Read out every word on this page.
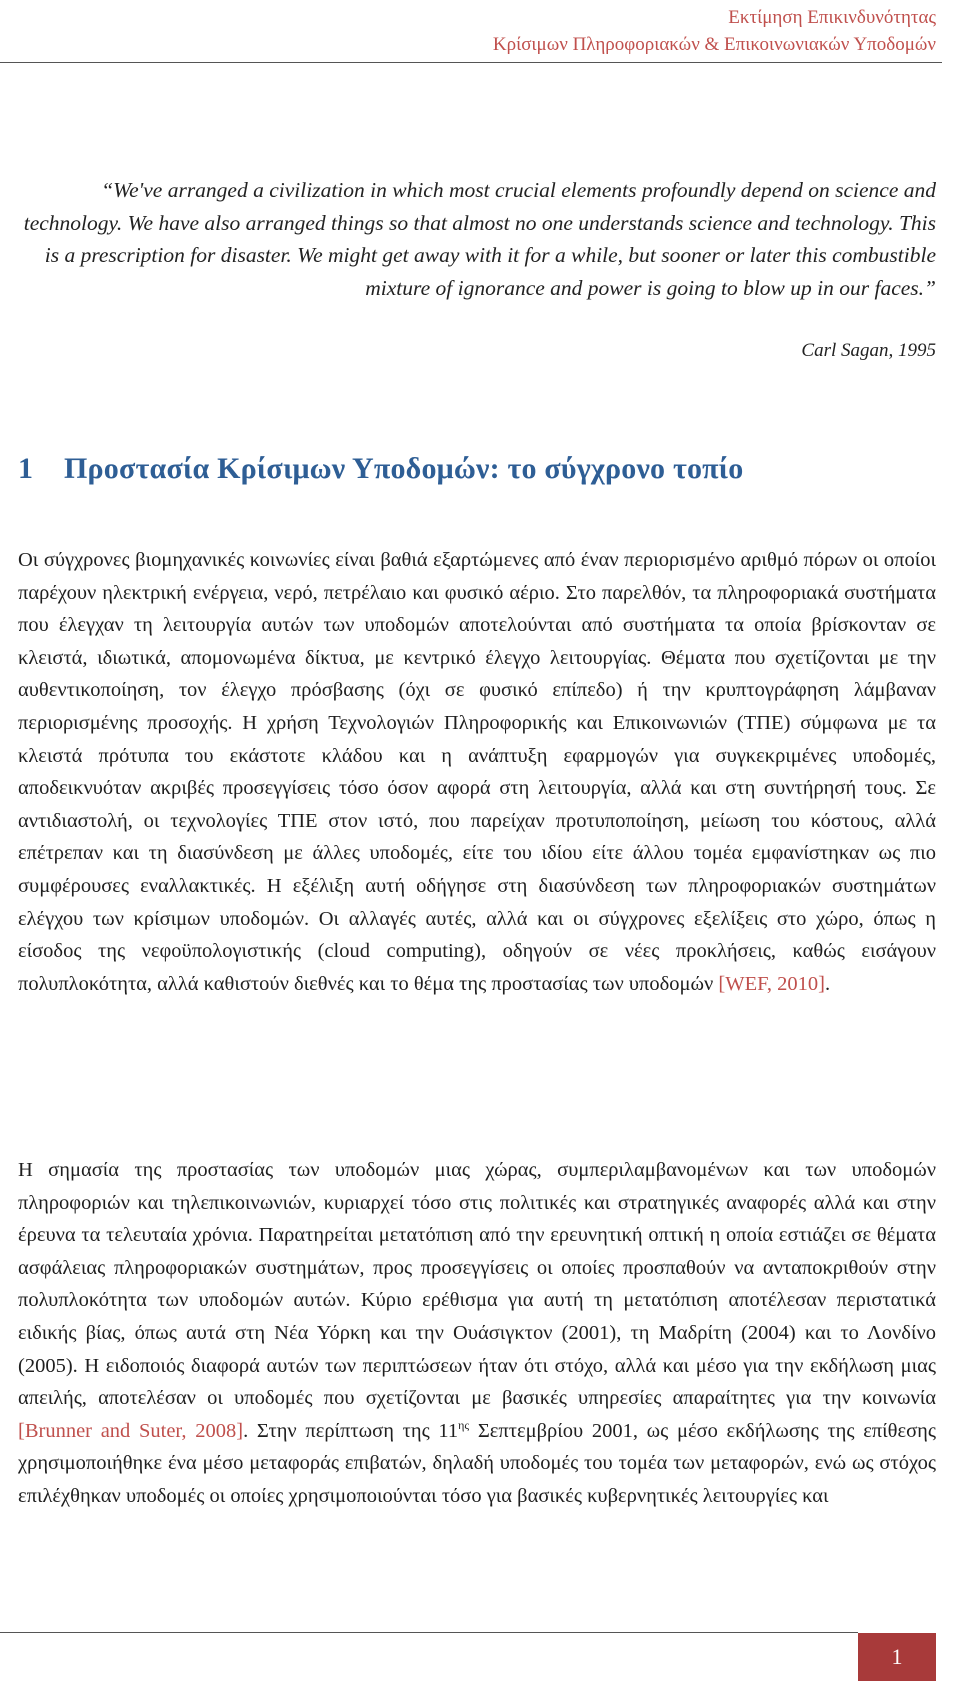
Εκτίμηση Επικινδυνότητας
Κρίσιμων Πληροφοριακών & Επικοινωνιακών Υποδομών
“We've arranged a civilization in which most crucial elements profoundly depend on science and technology. We have also arranged things so that almost no one understands science and technology. This is a prescription for disaster. We might get away with it for a while, but sooner or later this combustible mixture of ignorance and power is going to blow up in our faces.”
Carl Sagan, 1995
1 Προστασία Κρίσιμων Υποδομών: το σύγχρονο τοπίο

Οι σύγχρονες βιομηχανικές κοινωνίες είναι βαθιά εξαρτώμενες από έναν περιορισμένο αριθμό πόρων οι οποίοι παρέχουν ηλεκτρική ενέργεια, νερό, πετρέλαιο και φυσικό αέριο. Στο παρελθόν, τα πληροφοριακά συστήματα που έλεγχαν τη λειτουργία αυτών των υποδομών αποτελούνται από συστήματα τα οποία βρίσκονταν σε κλειστά, ιδιωτικά, απομονωμένα δίκτυα, με κεντρικό έλεγχο λειτουργίας. Θέματα που σχετίζονται με την αυθεντικοποίηση, τον έλεγχο πρόσβασης (όχι σε φυσικό επίπεδο) ή την κρυπτογράφηση λάμβαναν περιορισμένης προσοχής. Η χρήση Τεχνολογιών Πληροφορικής και Επικοινωνιών (ΤΠΕ) σύμφωνα με τα κλειστά πρότυπα του εκάστοτε κλάδου και η ανάπτυξη εφαρμογών για συγκεκριμένες υποδομές, αποδεικνυόταν ακριβές προσεγγίσεις τόσο όσον αφορά στη λειτουργία, αλλά και στη συντήρησή τους. Σε αντιδιαστολή, οι τεχνολογίες ΤΠΕ στον ιστό, που παρείχαν προτυποποίηση, μείωση του κόστους, αλλά επέτρεπαν και τη διασύνδεση με άλλες υποδομές, είτε του ιδίου είτε άλλου τομέα εμφανίστηκαν ως πιο συμφέρουσες εναλλακτικές. Η εξέλιξη αυτή οδήγησε στη διασύνδεση των πληροφοριακών συστημάτων ελέγχου των κρίσιμων υποδομών. Οι αλλαγές αυτές, αλλά και οι σύγχρονες εξελίξεις στο χώρο, όπως η είσοδος της νεφοϋπολογιστικής (cloud computing), οδηγούν σε νέες προκλήσεις, καθώς εισάγουν πολυπλοκότητα, αλλά καθιστούν διεθνές και το θέμα της προστασίας των υποδομών [WEF, 2010].

Η σημασία της προστασίας των υποδομών μιας χώρας, συμπεριλαμβανομένων και των υποδομών πληροφοριών και τηλεπικοινωνιών, κυριαρχεί τόσο στις πολιτικές και στρατηγικές αναφορές αλλά και στην έρευνα τα τελευταία χρόνια. Παρατηρείται μετατόπιση από την ερευνητική οπτική η οποία εστιάζει σε θέματα ασφάλειας πληροφοριακών συστημάτων, προς προσεγγίσεις οι οποίες προσπαθούν να ανταποκριθούν στην πολυπλοκότητα των υποδομών αυτών. Κύριο ερέθισμα για αυτή τη μετατόπιση αποτέλεσαν περιστατικά ειδικής βίας, όπως αυτά στη Νέα Υόρκη και την Ουάσιγκτον (2001), τη Μαδρίτη (2004) και το Λονδίνο (2005). Η ειδοποιός διαφορά αυτών των περιπτώσεων ήταν ότι στόχο, αλλά και μέσο για την εκδήλωση μιας απειλής, αποτελέσαν οι υποδομές που σχετίζονται με βασικές υπηρεσίες απαραίτητες για την κοινωνία [Brunner and Suter, 2008]. Στην περίπτωση της $11^{\eta\varsigma}$ Σεπτεμβρίου 2001, ως μέσο εκδήλωσης της επίθεσης χρησιμοποιήθηκε ένα μέσο μεταφοράς επιβατών, δηλαδή υποδομές του τομέα των μεταφορών, ενώ ως στόχος επιλέχθηκαν υποδομές οι οποίες χρησιμοποιούνται τόσο για βασικές κυβερνητικές λειτουργίες και

1
